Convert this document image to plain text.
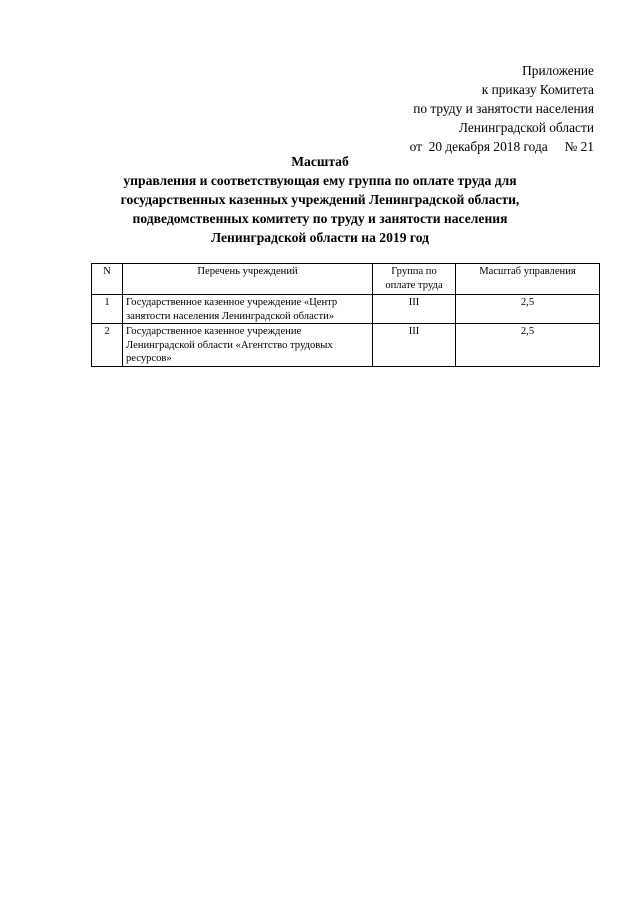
Приложение
к приказу Комитета
по труду и занятости населения
Ленинградской области
от  20 декабря 2018 года     № 21
Масштаб
управления и соответствующая ему группа по оплате труда для
государственных казенных учреждений Ленинградской области,
подведомственных комитету по труду и занятости населения
Ленинградской области на 2019 год
N	Перечень учреждений	Группа по оплате труда	Масштаб управления
1	Государственное казенное учреждение «Центр занятости населения Ленинградской области»	III	2,5
2	Государственное казенное учреждение Ленинградской области «Агентство трудовых ресурсов»	III	2,5
